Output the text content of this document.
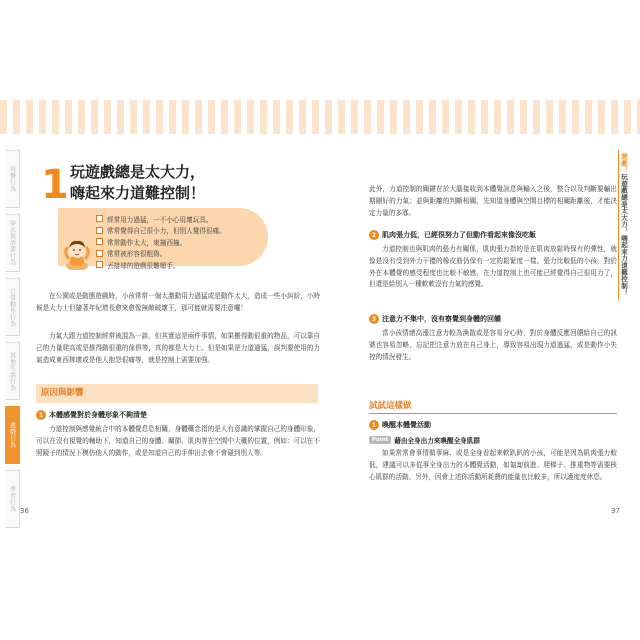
用餐行為
穿衣與清潔行為
日常動作行為
其他生活行為
遊戲行為
學習行為 36	37
1 玩遊戲總是太大力，
嗨起來力道難控制！
經常用力過猛，一不小心用壞玩具。
常常覺得自己很小力，但別人覺得很痛。
常常動作太大，東撞西撞。
常常被形容很粗魯。
丟接球的遊戲很難順手。
在公園或是動態遊戲時，小孩常常一個太激動用力過猛或是動作太大，造成一些小糾紛，小時候是大力士但隨著年紀增長愈來愈像無敵破壞王，那可能就需要注意囉！
力氣大跟力道控制經常被混為一談，但其實這是兩件事情，如果搬得動很重的物品，可以靠自己的力量爬高或是推得動很重的傢俱等，真的都是大力士。但是如果是力道過猛，誤判要使用的力氣造成東西摔壞或是他人抱怨很痛等，就是控制上需要加強。
原因與影響
1 本體感覺對於身體形象不夠清楚
力道控制與感覺統合中的本體覺息息相關，身體概念指的是人有意識的掌握自己的身體印象，可以在沒有視覺的輔助下，知道自己的身體、關節、肌肉等在空間中大概的位置，例如：可以在不照鏡子的情況下模仿他人的動作，或是知道自己的手伸出去會不會碰到別人等。
遊戲！玩遊戲總是太大力，嗨起來力道難控制！
此外，力道控制的關鍵在於大腦接收到本體覺訊息與輸入之後，整合以及判斷要輸出期剛好的力氣；並與距離的判斷相關，先知道身體與空間目標的相關距離後，才能決定力量的多寡。
2 肌肉張力低，已經很努力了但動作看起來像沒吃飯
力道控制也與肌肉的張力有關係，肌肉張力指的是在肌肉放鬆時保有的彈性，就像是沒有受到外力干擾的橡皮筋仍保有一定的鬆緊度一樣。張力比較低的小孩，對於外在本體覺的感受程度也比較不敏感，在力道控制上也可能已經覺得自己很用力了，但還是給別人一種軟軟沒有力氣的感覺。
3 注意力不集中，沒有察覺到身體的回饋
當小孩情緒高漲注意力較為渙散或是容易分心時，對於身體反應回饋給自己的訊號也容易忽略，忘記把注意力放在自己身上，導致容易出現力道過猛，或是動作小失控的情況發生。
試試這樣做
1 喚醒本體覺活動
Point 藉由全身出力來喚醒全身肌群
如果常常會事情做事麻，或是全身看起來軟趴趴的小孩，可能是因為肌肉張力較低，建議可以多從事全身出力的本體覺活動，如匍匐前進、爬梯子、推重物等需要核心肌群的活動。另外，因會上述你活動所耗費的能量也比較多，所以適度度休息。
